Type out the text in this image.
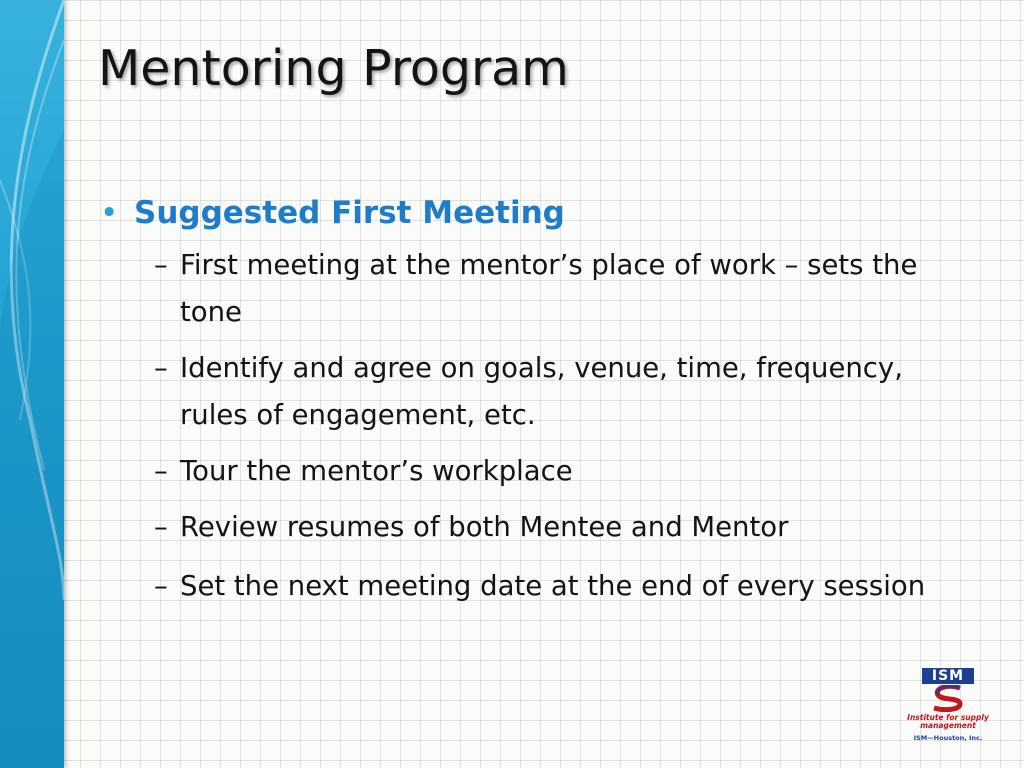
Mentoring Program
• Suggested First Meeting
– First meeting at the mentor’s place of work – sets the tone
– Identify and agree on goals, venue, time, frequency, rules of engagement, etc.
– Tour the mentor’s workplace
– Review resumes of both Mentee and Mentor
– Set the next meeting date at the end of every session
ISM
Institute for supply management
ISM—Houston, Inc.
